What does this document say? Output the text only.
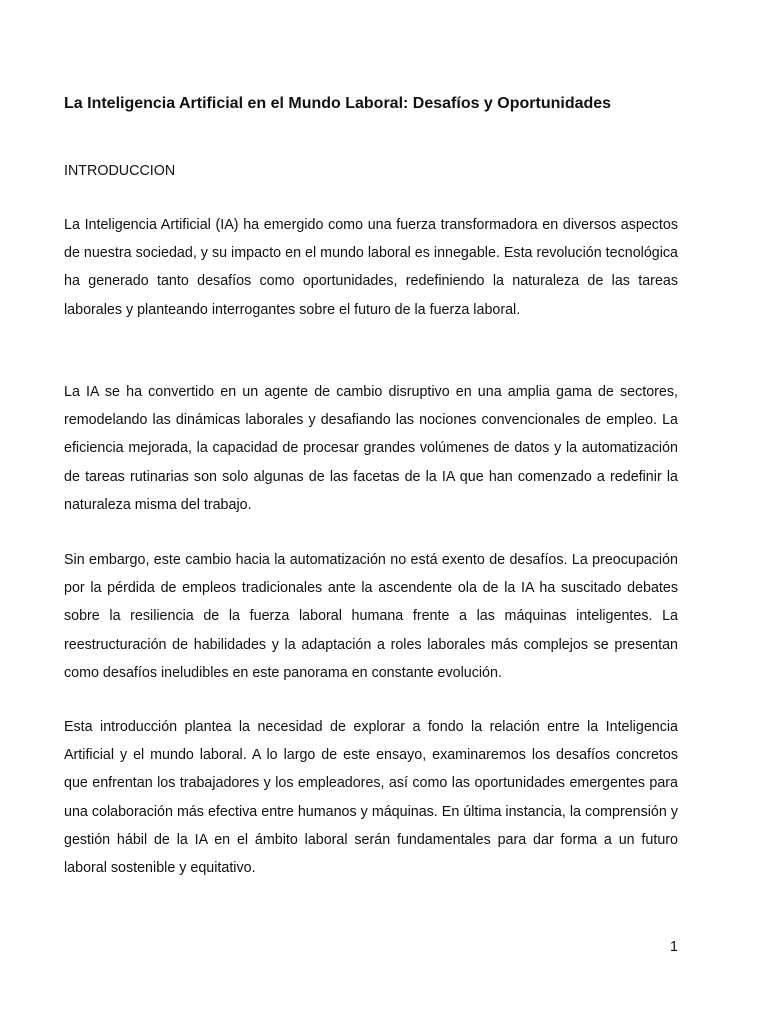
La Inteligencia Artificial en el Mundo Laboral: Desafíos y Oportunidades
INTRODUCCION

La Inteligencia Artificial (IA) ha emergido como una fuerza transformadora en diversos aspectos de nuestra sociedad, y su impacto en el mundo laboral es innegable. Esta revolución tecnológica ha generado tanto desafíos como oportunidades, redefiniendo la naturaleza de las tareas laborales y planteando interrogantes sobre el futuro de la fuerza laboral.

La IA se ha convertido en un agente de cambio disruptivo en una amplia gama de sectores, remodelando las dinámicas laborales y desafiando las nociones convencionales de empleo. La eficiencia mejorada, la capacidad de procesar grandes volúmenes de datos y la automatización de tareas rutinarias son solo algunas de las facetas de la IA que han comenzado a redefinir la naturaleza misma del trabajo.

Sin embargo, este cambio hacia la automatización no está exento de desafíos. La preocupación por la pérdida de empleos tradicionales ante la ascendente ola de la IA ha suscitado debates sobre la resiliencia de la fuerza laboral humana frente a las máquinas inteligentes. La reestructuración de habilidades y la adaptación a roles laborales más complejos se presentan como desafíos ineludibles en este panorama en constante evolución.

Esta introducción plantea la necesidad de explorar a fondo la relación entre la Inteligencia Artificial y el mundo laboral. A lo largo de este ensayo, examinaremos los desafíos concretos que enfrentan los trabajadores y los empleadores, así como las oportunidades emergentes para una colaboración más efectiva entre humanos y máquinas. En última instancia, la comprensión y gestión hábil de la IA en el ámbito laboral serán fundamentales para dar forma a un futuro laboral sostenible y equitativo.

1
